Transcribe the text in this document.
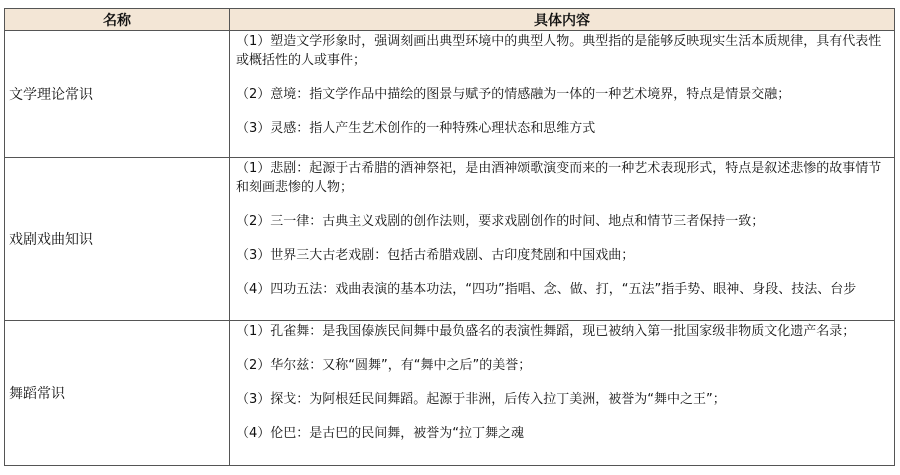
名称	具体内容
文学理论常识	（1）塑造文学形象时，强调刻画出典型环境中的典型人物。典型指的是能够反映现实生活本质规律，具有代表性或概括性的人或事件；
（2）意境：指文学作品中描绘的图景与赋予的情感融为一体的一种艺术境界，特点是情景交融；
（3）灵感：指人产生艺术创作的一种特殊心理状态和思维方式

戏剧戏曲知识	（1）悲剧：起源于古希腊的酒神祭祀，是由酒神颂歌演变而来的一种艺术表现形式，特点是叙述悲惨的故事情节和刻画悲惨的人物；
（2）三一律：古典主义戏剧的创作法则，要求戏剧创作的时间、地点和情节三者保持一致；
（3）世界三大古老戏剧：包括古希腊戏剧、古印度梵剧和中国戏曲；
（4）四功五法：戏曲表演的基本功法，“四功”指唱、念、做、打，“五法”指手势、眼神、身段、技法、台步

舞蹈常识	（1）孔雀舞：是我国傣族民间舞中最负盛名的表演性舞蹈，现已被纳入第一批国家级非物质文化遗产名录；
（2）华尔兹：又称“圆舞”，有“舞中之后”的美誉；
（3）探戈：为阿根廷民间舞蹈。起源于非洲，后传入拉丁美洲，被誉为“舞中之王”；
（4）伦巴：是古巴的民间舞，被誉为“拉丁舞之魂
